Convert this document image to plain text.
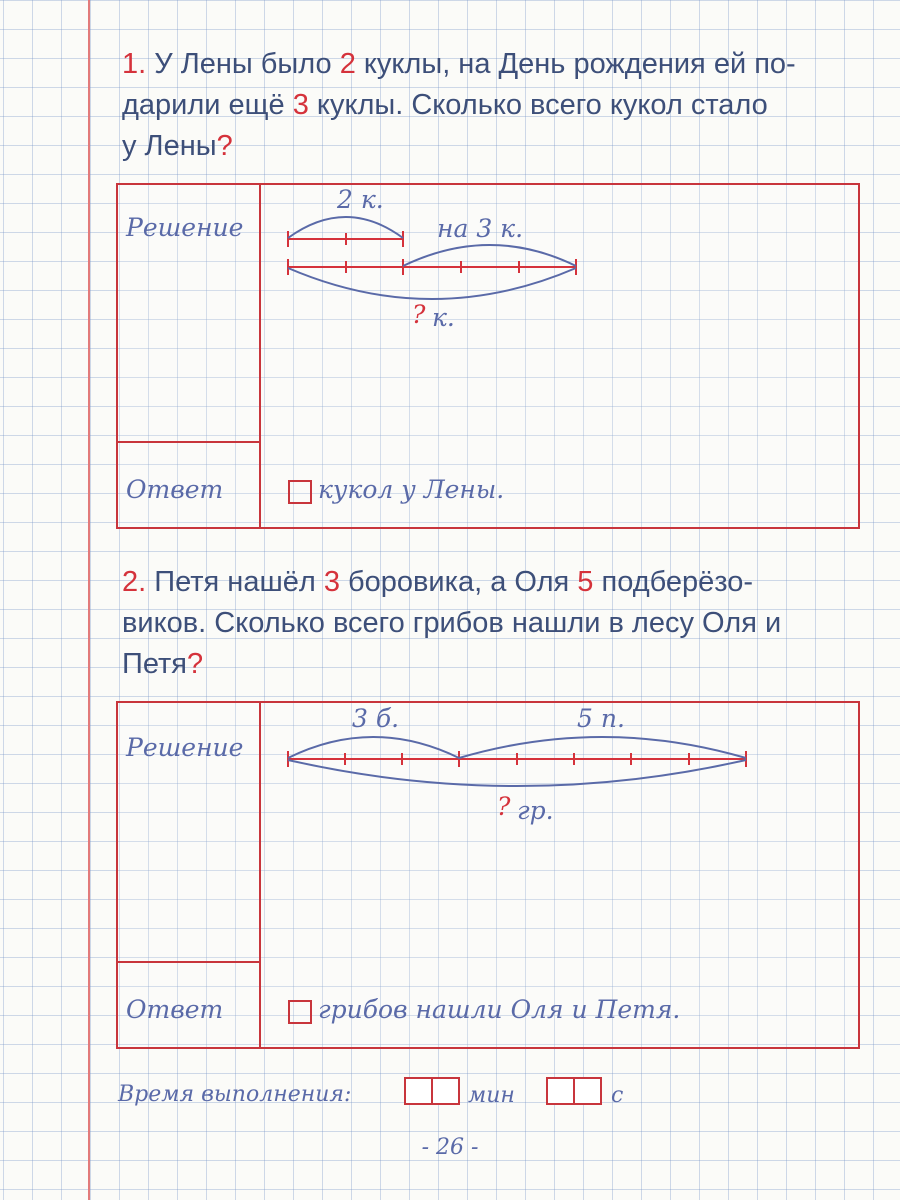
1. У Лены было 2 куклы, на День рождения ей по-
дарили ещё 3 куклы. Сколько всего кукол стало
у Лены?
Решение
Ответ	кукол у Лены.
2 к.
на 3 к.
? к.
2. Петя нашёл 3 боровика, а Оля 5 подберёзо-
виков. Сколько всего грибов нашли в лесу Оля и
Петя?
Решение
Ответ	грибов нашли Оля и Петя.
3 б.	5 п.
? гр.
Время выполнения:	мин	с
- 26 -
